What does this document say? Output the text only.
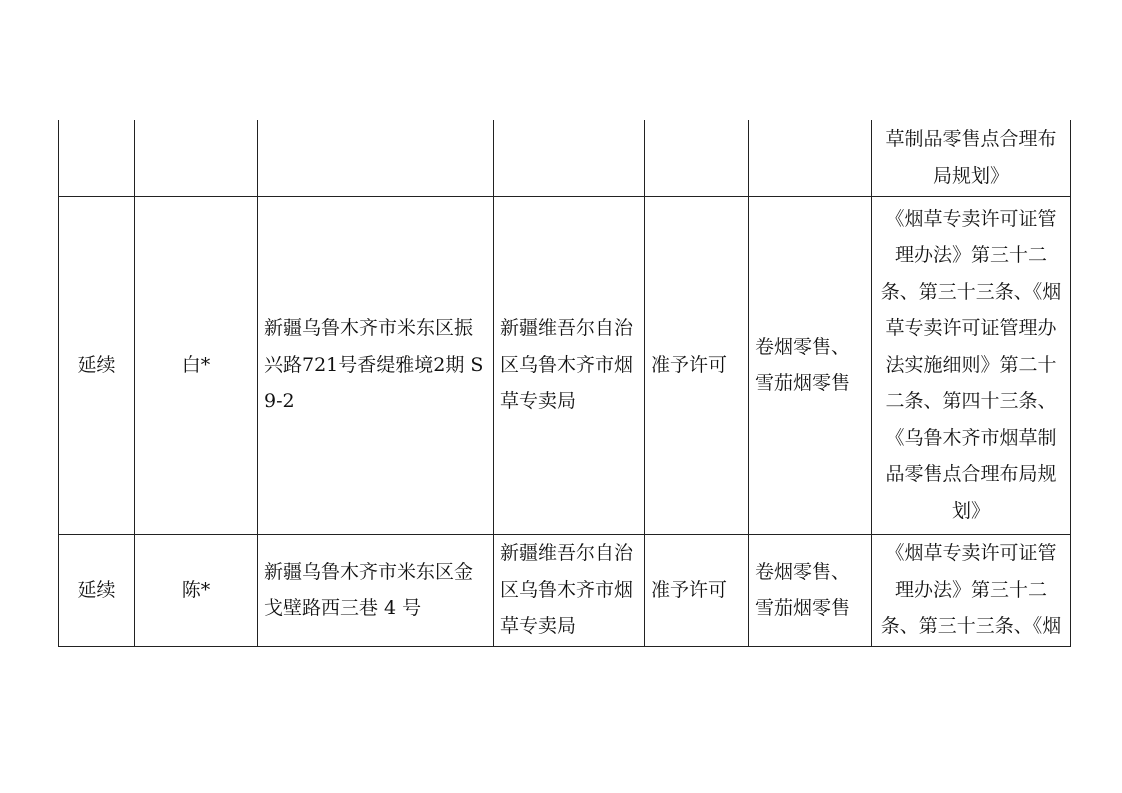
						草制品零售点合理布局规划》
延续	白*	新疆乌鲁木齐市米东区振兴路721号香缇雅境2期 S9-2	新疆维吾尔自治区乌鲁木齐市烟草专卖局	准予许可	卷烟零售、雪茄烟零售	《烟草专卖许可证管理办法》第三十二条、第三十三条、《烟草专卖许可证管理办法实施细则》第二十二条、第四十三条、《乌鲁木齐市烟草制品零售点合理布局规划》
延续	陈*	新疆乌鲁木齐市米东区金戈壁路西三巷 4 号	新疆维吾尔自治区乌鲁木齐市烟草专卖局	准予许可	卷烟零售、雪茄烟零售	《烟草专卖许可证管理办法》第三十二条、第三十三条、《烟
